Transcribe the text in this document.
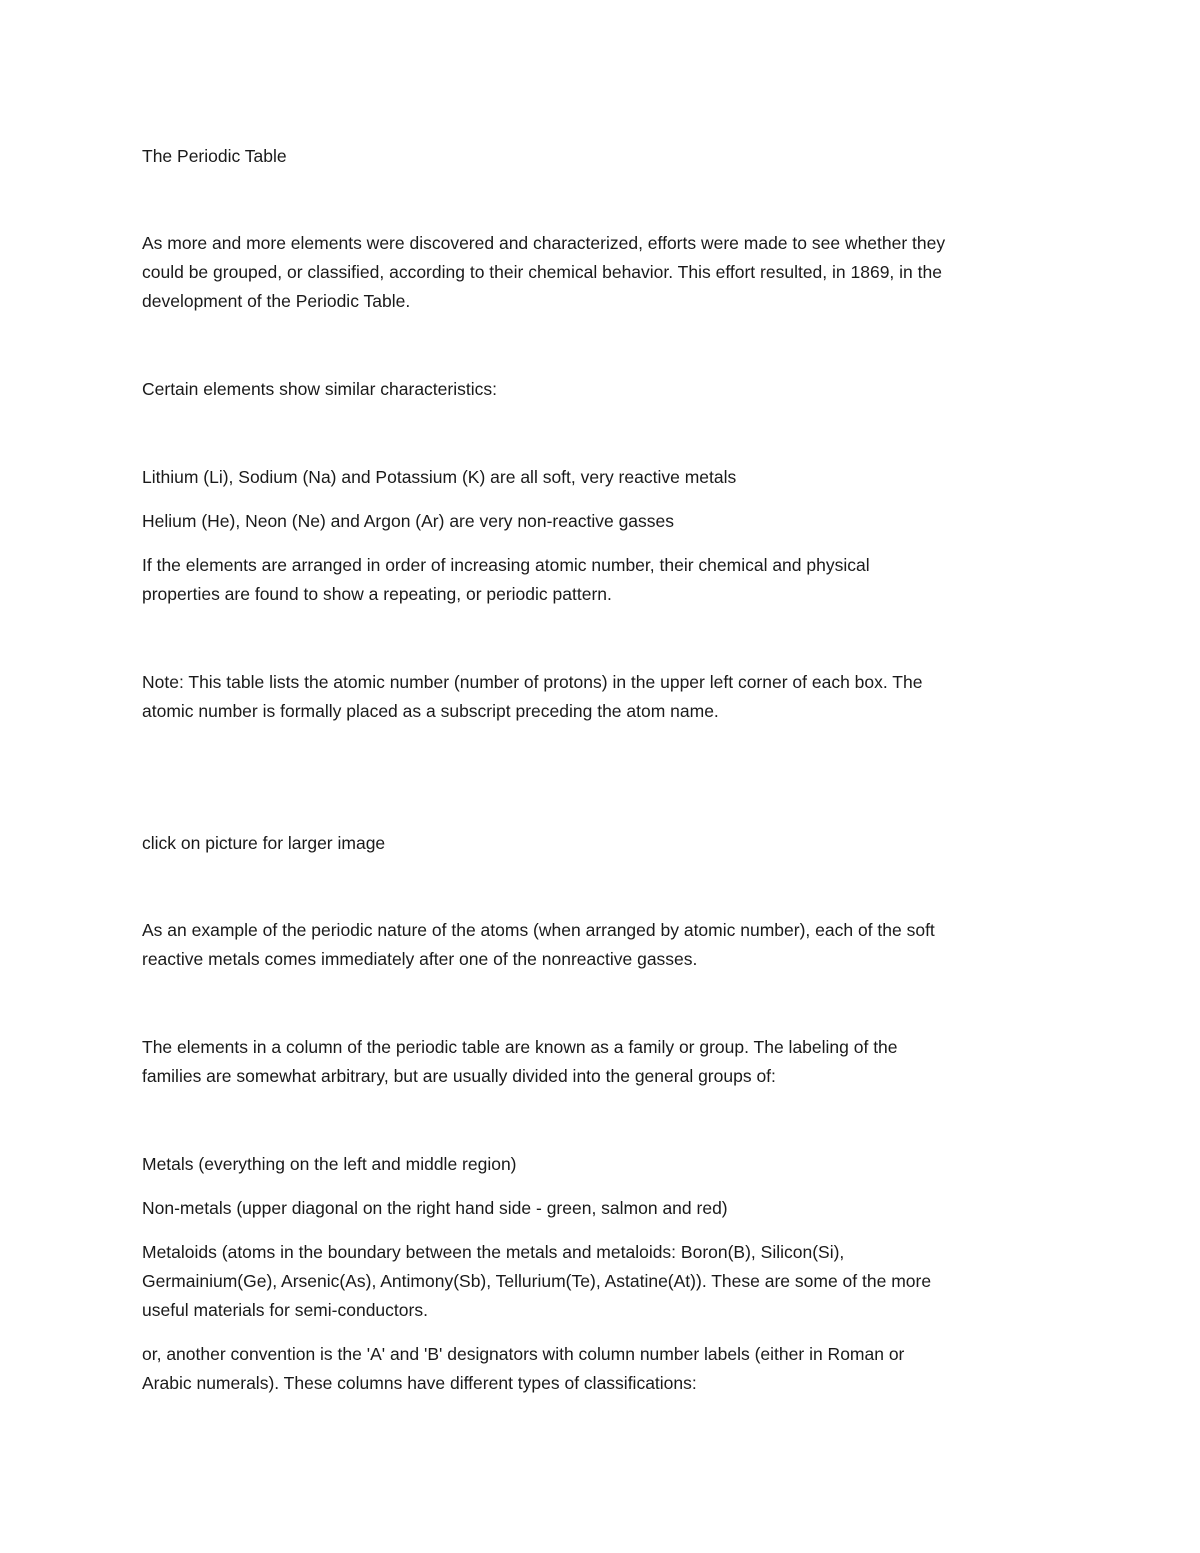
The Periodic Table

As more and more elements were discovered and characterized, efforts were made to see whether they
could be grouped, or classified, according to their chemical behavior. This effort resulted, in 1869, in the
development of the Periodic Table.

Certain elements show similar characteristics:

Lithium (Li), Sodium (Na) and Potassium (K) are all soft, very reactive metals

Helium (He), Neon (Ne) and Argon (Ar) are very non-reactive gasses

If the elements are arranged in order of increasing atomic number, their chemical and physical
properties are found to show a repeating, or periodic pattern.

Note: This table lists the atomic number (number of protons) in the upper left corner of each box. The
atomic number is formally placed as a subscript preceding the atom name.

click on picture for larger image

As an example of the periodic nature of the atoms (when arranged by atomic number), each of the soft
reactive metals comes immediately after one of the nonreactive gasses.

The elements in a column of the periodic table are known as a family or group. The labeling of the
families are somewhat arbitrary, but are usually divided into the general groups of:

Metals (everything on the left and middle region)

Non-metals (upper diagonal on the right hand side - green, salmon and red)

Metaloids (atoms in the boundary between the metals and metaloids: Boron(B), Silicon(Si),
Germainium(Ge), Arsenic(As), Antimony(Sb), Tellurium(Te), Astatine(At)). These are some of the more
useful materials for semi-conductors.

or, another convention is the 'A' and 'B' designators with column number labels (either in Roman or
Arabic numerals). These columns have different types of classifications:
